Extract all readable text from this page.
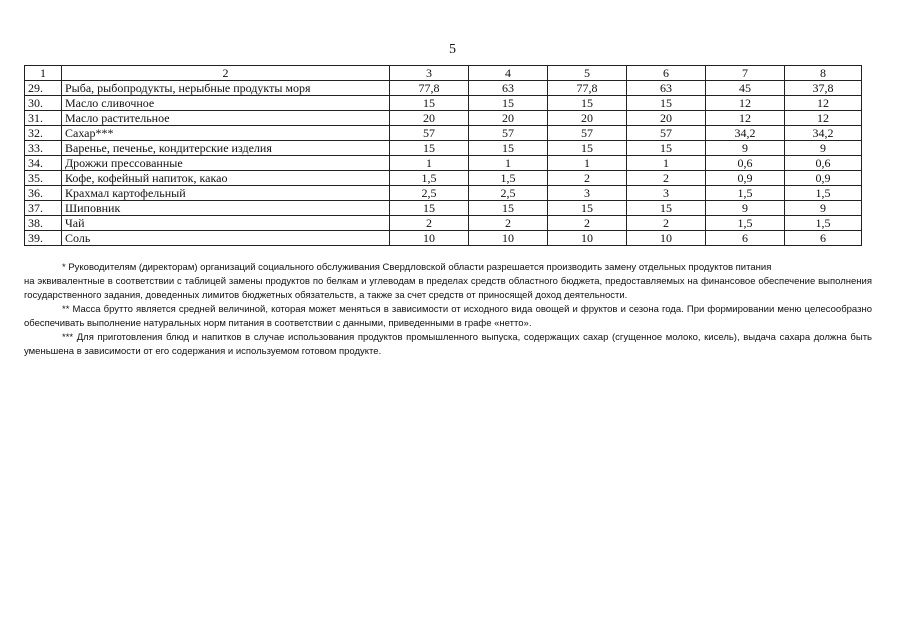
5
1	2	3	4	5	6	7	8
29.	Рыба, рыбопродукты, нерыбные продукты моря	77,8	63	77,8	63	45	37,8
30.	Масло сливочное	15	15	15	15	12	12
31.	Масло растительное	20	20	20	20	12	12
32.	Сахар***	57	57	57	57	34,2	34,2
33.	Варенье, печенье, кондитерские изделия	15	15	15	15	9	9
34.	Дрожжи прессованные	1	1	1	1	0,6	0,6
35.	Кофе, кофейный напиток, какао	1,5	1,5	2	2	0,9	0,9
36.	Крахмал картофельный	2,5	2,5	3	3	1,5	1,5
37.	Шиповник	15	15	15	15	9	9
38.	Чай	2	2	2	2	1,5	1,5
39.	Соль	10	10	10	10	6	6

* Руководителям (директорам) организаций социального обслуживания Свердловской области разрешается производить замену отдельных продуктов питания

на эквивалентные в соответствии с таблицей замены продуктов по белкам и углеводам в пределах средств областного бюджета, предоставляемых на финансовое обеспечение выполнения государственного задания, доведенных лимитов бюджетных обязательств, а также за счет средств от приносящей доход деятельности.

** Масса брутто является средней величиной, которая может меняться в зависимости от исходного вида овощей и фруктов и сезона года. При формировании меню целесообразно обеспечивать выполнение натуральных норм питания в соответствии с данными, приведенными в графе «нетто».

*** Для приготовления блюд и напитков в случае использования продуктов промышленного выпуска, содержащих сахар (сгущенное молоко, кисель), выдача сахара должна быть уменьшена в зависимости от его содержания и используемом готовом продукте.
